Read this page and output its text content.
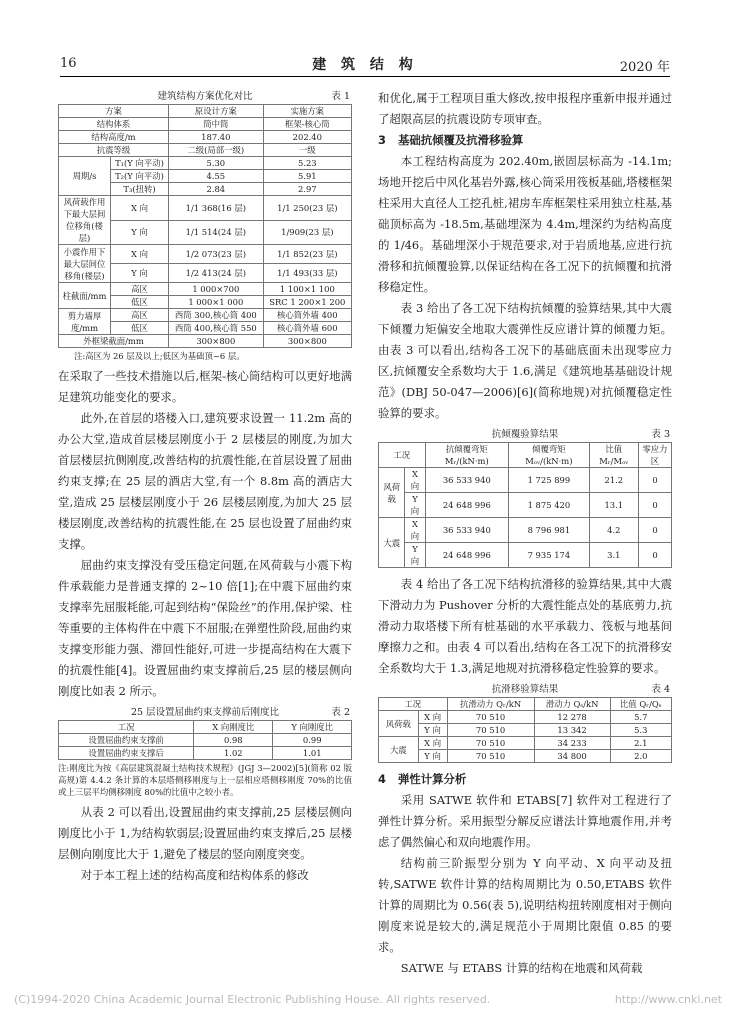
16	建 筑 结 构	2020 年
建筑结构方案优化对比	表 1
方案		原设计方案	实施方案
结构体系		筒中筒	框架-核心筒
结构高度/m		187.40	202.40
抗震等级		二级(局部一级)	一级
周期/s	T₁(Y 向平动)	5.30	5.23
	T₂(Y 向平动)	4.55	5.91
	T₃(扭转)	2.84	2.97
风荷载作用下最大层间位移角(楼层)	X 向	1/1 368(16 层)	1/1 250(23 层)
	Y 向	1/1 514(24 层)	1/909(23 层)
小震作用下最大层间位移角(楼层)	X 向	1/2 073(23 层)	1/1 852(23 层)
	Y 向	1/2 413(24 层)	1/1 493(33 层)
柱截面/mm	高区	1 000×700	1 100×1 100
	低区	1 000×1 000	SRC 1 200×1 200
剪力墙厚度/mm	高区	西筒 300,核心筒 400	核心筒外墙 400
	低区	西筒 400,核心筒 550	核心筒外墙 600
外框梁截面/mm		300×800	300×800
注:高区为 26 层及以上;低区为基础顶~6 层。

在采取了一些技术措施以后,框架-核心筒结构可以更好地满足建筑功能变化的要求。

此外,在首层的塔楼入口,建筑要求设置一 11.2m 高的办公大堂,造成首层楼层刚度小于 2 层楼层的刚度,为加大首层楼层抗侧刚度,改善结构的抗震性能,在首层设置了屈曲约束支撑;在 25 层的酒店大堂,有一个 8.8m 高的酒店大堂,造成 25 层楼层刚度小于 26 层楼层刚度,为加大 25 层楼层刚度,改善结构的抗震性能,在 25 层也设置了屈曲约束支撑。

屈曲约束支撑没有受压稳定问题,在风荷载与小震下构件承载能力是普通支撑的 2~10 倍[1];在中震下屈曲约束支撑率先屈服耗能,可起到结构“保险丝”的作用,保护梁、柱等重要的主体构件在中震下不屈服;在弹塑性阶段,屈曲约束支撑变形能力强、滞回性能好,可进一步提高结构在大震下的抗震性能[4]。设置屈曲约束支撑前后,25 层的楼层侧向刚度比如表 2 所示。

25 层设置屈曲约束支撑前后刚度比	表 2
工况	X 向刚度比	Y 向刚度比
设置屈曲约束支撑前	0.98	0.99
设置屈曲约束支撑后	1.02	1.01
注:刚度比为按《高层建筑混凝土结构技术规程》(JGJ 3—2002)[5](简称 02 版高规)第 4.4.2 条计算的本层塔侧移刚度与上一层相应塔侧移刚度 70%的比值或上三层平均侧移刚度 80%的比值中之较小者。

从表 2 可以看出,设置屈曲约束支撑前,25 层楼层侧向刚度比小于 1,为结构软弱层;设置屈曲约束支撑后,25 层楼层侧向刚度比大于 1,避免了楼层的竖向刚度突变。

对于本工程上述的结构高度和结构体系的修改

和优化,属于工程项目重大修改,按申报程序重新申报并通过了超限高层的抗震设防专项审查。

3 基础抗倾覆及抗滑移验算

本工程结构高度为 202.40m,嵌固层标高为 -14.1m;场地开挖后中风化基岩外露,核心筒采用筏板基础,塔楼框架柱采用大直径人工挖孔桩,裙房车库框架柱采用独立柱基,基础顶标高为 -18.5m,基础埋深为 4.4m,埋深约为结构高度的 1/46。基础埋深小于规范要求,对于岩质地基,应进行抗滑移和抗倾覆验算,以保证结构在各工况下的抗倾覆和抗滑移稳定性。

表 3 给出了各工况下结构抗倾覆的验算结果,其中大震下倾覆力矩偏安全地取大震弹性反应谱计算的倾覆力矩。由表 3 可以看出,结构各工况下的基础底面未出现零应力区,抗倾覆安全系数均大于 1.6,满足《建筑地基基础设计规范》(DBJ 50-047—2006)[6](简称地规)对抗倾覆稳定性验算的要求。

抗倾覆验算结果	表 3
工况		抗倾覆弯矩 Mᵣ/(kN·m)	倾覆弯矩 Mₒᵥ/(kN·m)	比值 Mᵣ/Mₒᵥ	零应力区
风荷载	X 向	36 533 940	1 725 899	21.2	0
	Y 向	24 648 996	1 875 420	13.1	0
大震	X 向	36 533 940	8 796 981	4.2	0
	Y 向	24 648 996	7 935 174	3.1	0

表 4 给出了各工况下结构抗滑移的验算结果,其中大震下滑动力为 Pushover 分析的大震性能点处的基底剪力,抗滑动力取塔楼下所有桩基础的水平承载力、筏板与地基间摩擦力之和。由表 4 可以看出,结构在各工况下的抗滑移安全系数均大于 1.3,满足地规对抗滑移稳定性验算的要求。

抗滑移验算结果	表 4
工况		抗滑动力 Qᵣ/kN	滑动力 Qₛ/kN	比值 Qᵣ/Qₛ
风荷载	X 向	70 510	12 278	5.7
	Y 向	70 510	13 342	5.3
大震	X 向	70 510	34 233	2.1
	Y 向	70 510	34 800	2.0
4 弹性计算分析

采用 SATWE 软件和 ETABS[7] 软件对工程进行了弹性计算分析。采用振型分解反应谱法计算地震作用,并考虑了偶然偏心和双向地震作用。

结构前三阶振型分别为 Y 向平动、X 向平动及扭转,SATWE 软件计算的结构周期比为 0.50,ETABS 软件计算的周期比为 0.56(表 5),说明结构扭转刚度相对于侧向刚度来说是较大的,满足规范小于周期比限值 0.85 的要求。

SATWE 与 ETABS 计算的结构在地震和风荷载

(C)1994-2020 China Academic Journal Electronic Publishing House. All rights reserved.	http://www.cnki.net
